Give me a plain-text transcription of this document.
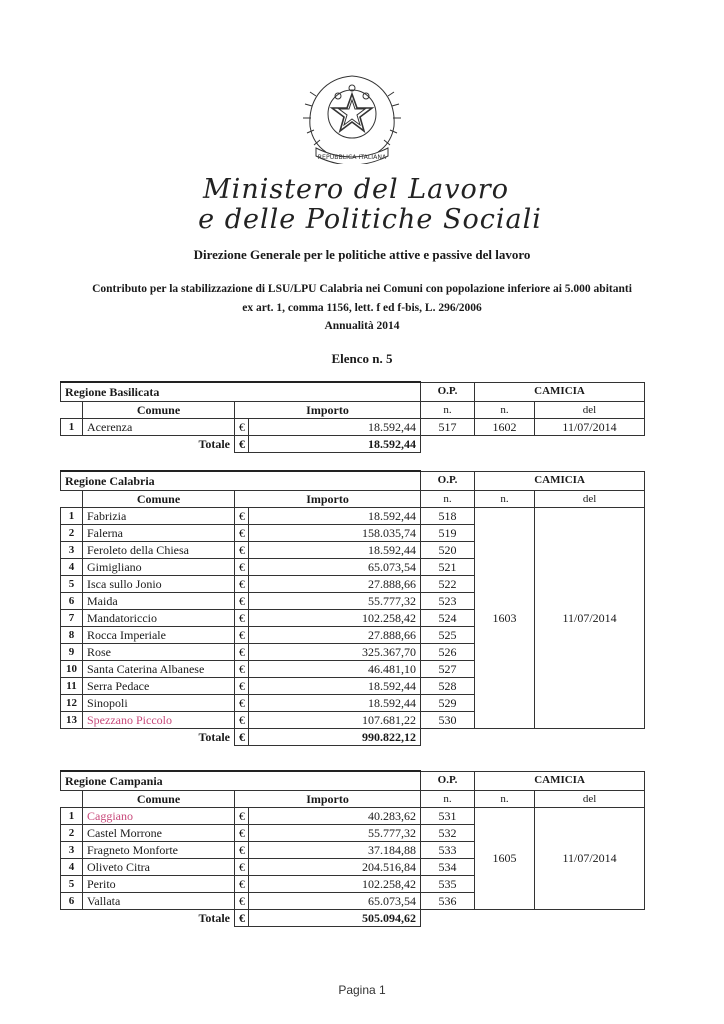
REPUBBLICA ITALIANA
Ministero del Lavoro
e delle Politiche Sociali
Direzione Generale per le politiche attive e passive del lavoro
Contributo per la stabilizzazione di LSU/LPU Calabria nei Comuni con popolazione inferiore ai 5.000 abitanti
ex art. 1, comma 1156, lett. f ed f-bis, L. 296/2006
Annualità 2014
Elenco n. 5
Regione Basilicata				O.P.	CAMICIA	
	Comune	Importo		n.	n.	del
1	Acerenza	€	18.592,44	517	1602	11/07/2014
	Totale	€	18.592,44			
Regione Calabria				O.P.	CAMICIA	
	Comune	Importo		n.	n.	del
1	Fabrizia	€	18.592,44	518	1603	11/07/2014
2	Falerna	€	158.035,74	519		
3	Feroleto della Chiesa	€	18.592,44	520		
4	Gimigliano	€	65.073,54	521		
5	Isca sullo Jonio	€	27.888,66	522		
6	Maida	€	55.777,32	523		
7	Mandatoriccio	€	102.258,42	524		
8	Rocca Imperiale	€	27.888,66	525		
9	Rose	€	325.367,70	526		
10	Santa Caterina Albanese	€	46.481,10	527		
11	Serra Pedace	€	18.592,44	528		
12	Sinopoli	€	18.592,44	529		
13	Spezzano Piccolo	€	107.681,22	530		
	Totale	€	990.822,12			
Regione Campania				O.P.	CAMICIA	
	Comune	Importo		n.	n.	del
1	Caggiano	€	40.283,62	531	1605	11/07/2014
2	Castel Morrone	€	55.777,32	532		
3	Fragneto Monforte	€	37.184,88	533		
4	Oliveto Citra	€	204.516,84	534		
5	Perito	€	102.258,42	535		
6	Vallata	€	65.073,54	536		
	Totale	€	505.094,62			
Pagina 1
